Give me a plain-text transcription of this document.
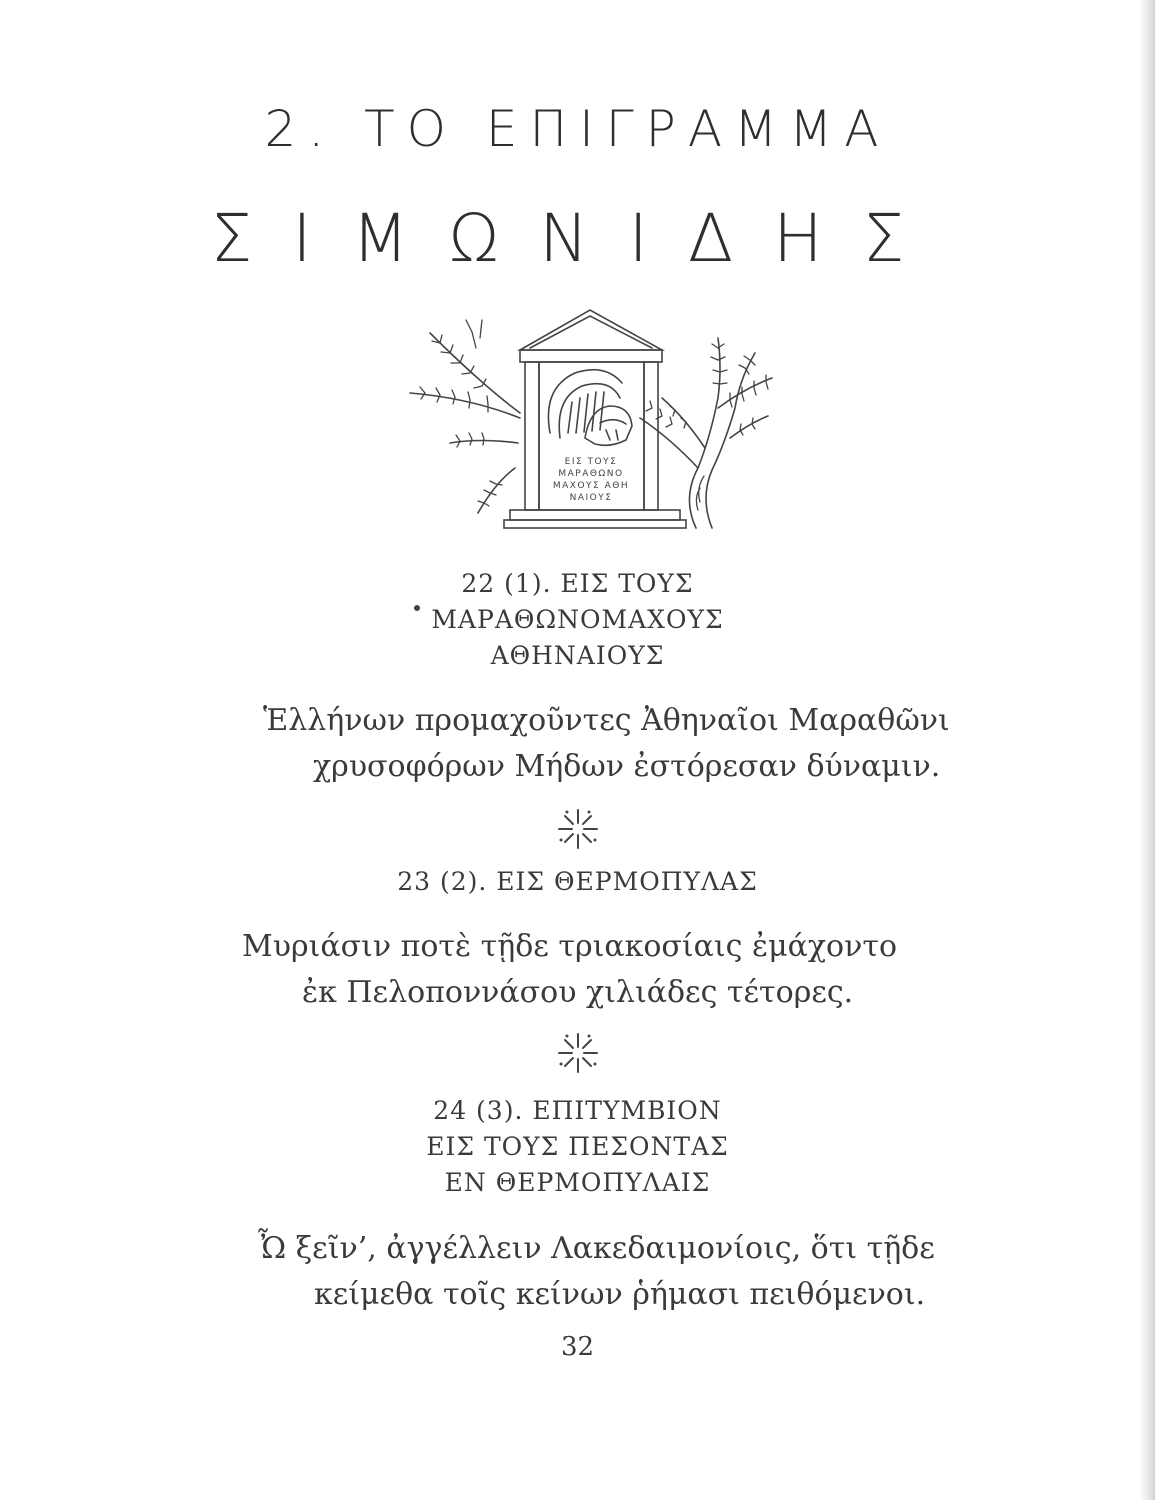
2. ΤΟ ΕΠΙΓΡΑΜΜΑ
ΣΙΜΩΝΙΔΗΣ
ΕΙΣ ΤΟΥΣ
ΜΑΡΑΘΩΝΟ
ΜΑΧΟΥΣ ΑΘΗ
ΝΑΙΟΥΣ
22 (1). ΕΙΣ ΤΟΥΣ
ΜΑΡΑΘΩΝΟΜΑΧΟΥΣ
ΑΘΗΝΑΙΟΥΣ
Ἑλλήνων προμαχοῦντες Ἀθηναῖοι Μαραθῶνι
χρυσοφόρων Μήδων ἐστόρεσαν δύναμιν.
23 (2). ΕΙΣ ΘΕΡΜΟΠΥΛΑΣ
Μυριάσιν ποτὲ τῇδε τριακοσίαις ἐμάχοντο
ἐκ Πελοποννάσου χιλιάδες τέτορες.
24 (3). ΕΠΙΤΥΜΒΙΟΝ
ΕΙΣ ΤΟΥΣ ΠΕΣΟΝΤΑΣ
ΕΝ ΘΕΡΜΟΠΥΛΑΙΣ
Ὦ ξεῖν’, ἀγγέλλειν Λακεδαιμονίοις, ὅτι τῇδε
κείμεθα τοῖς κείνων ῥήμασι πειθόμενοι.
32
